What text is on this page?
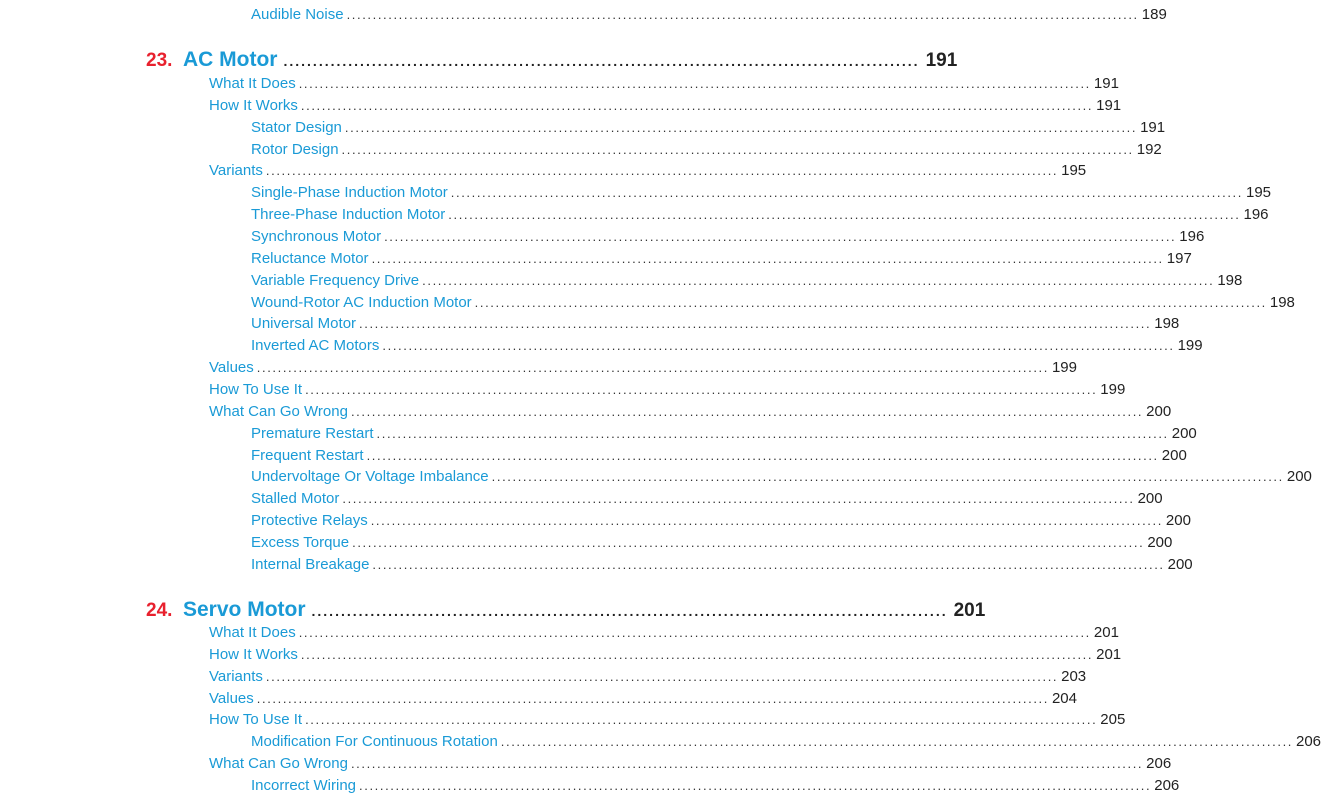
Audible Noise ........................................................................................................................................................ 189
23. AC Motor ............................................................................................................ 191
What It Does ........................................................................................................................................................ 191
How It Works ........................................................................................................................................................ 191
Stator Design ........................................................................................................................................................ 191
Rotor Design ........................................................................................................................................................ 192
Variants ........................................................................................................................................................ 195
Single-Phase Induction Motor ........................................................................................................................................................ 195
Three-Phase Induction Motor ........................................................................................................................................................ 196
Synchronous Motor ........................................................................................................................................................ 196
Reluctance Motor ........................................................................................................................................................ 197
Variable Frequency Drive ........................................................................................................................................................ 198
Wound-Rotor AC Induction Motor ........................................................................................................................................................ 198
Universal Motor ........................................................................................................................................................ 198
Inverted AC Motors ........................................................................................................................................................ 199
Values ........................................................................................................................................................ 199
How To Use It ........................................................................................................................................................ 199
What Can Go Wrong ........................................................................................................................................................ 200
Premature Restart ........................................................................................................................................................ 200
Frequent Restart ........................................................................................................................................................ 200
Undervoltage Or Voltage Imbalance ........................................................................................................................................................ 200
Stalled Motor ........................................................................................................................................................ 200
Protective Relays ........................................................................................................................................................ 200
Excess Torque ........................................................................................................................................................ 200
Internal Breakage ........................................................................................................................................................ 200
24. Servo Motor ............................................................................................................ 201
What It Does ........................................................................................................................................................ 201
How It Works ........................................................................................................................................................ 201
Variants ........................................................................................................................................................ 203
Values ........................................................................................................................................................ 204
How To Use It ........................................................................................................................................................ 205
Modification For Continuous Rotation ........................................................................................................................................................ 206
What Can Go Wrong ........................................................................................................................................................ 206
Incorrect Wiring ........................................................................................................................................................ 206
